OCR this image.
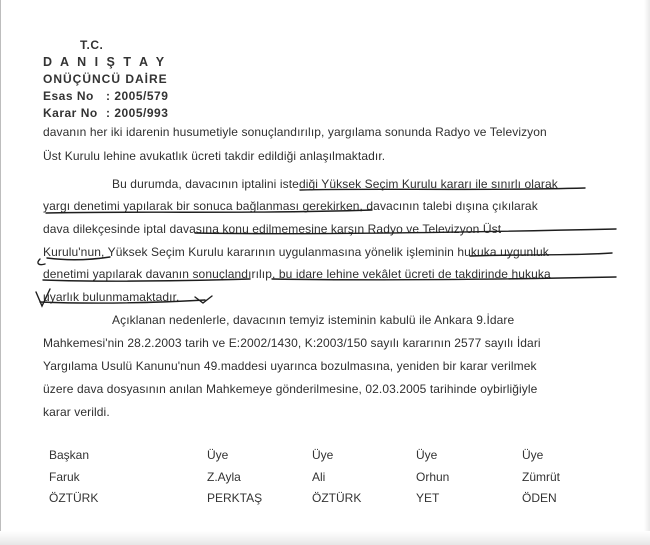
T.C.
D A N I Ş T A Y
ONÜÇÜNCÜ DAİRE
Esas No : 2005/579
Karar No : 2005/993
davanın her iki idarenin husumetiyle sonuçlandırılıp, yargılama sonunda Radyo ve Televizyon
Üst Kurulu lehine avukatlık ücreti takdir edildiği anlaşılmaktadır.
Bu durumda, davacının iptalini istediği Yüksek Seçim Kurulu kararı ile sınırlı olarak
yargı denetimi yapılarak bir sonuca bağlanması gerekirken, davacının talebi dışına çıkılarak
dava dilekçesinde iptal davasına konu edilmemesine karşın Radyo ve Televizyon Üst
Kurulu'nun, Yüksek Seçim Kurulu kararının uygulanmasına yönelik işleminin hukuka uygunluk
denetimi yapılarak davanın sonuçlandırılıp, bu idare lehine vekâlet ücreti de takdirinde hukuka
uyarlık bulunmamaktadır.
Açıklanan nedenlerle, davacının temyiz isteminin kabulü ile Ankara 9.İdare
Mahkemesi'nin 28.2.2003 tarih ve E:2002/1430, K:2003/150 sayılı kararının 2577 sayılı İdari
Yargılama Usulü Kanunu'nun 49.maddesi uyarınca bozulmasına, yeniden bir karar verilmek
üzere dava dosyasının anılan Mahkemeye gönderilmesine, 02.03.2005 tarihinde oybirliğiyle
karar verildi.
Başkan
Faruk
ÖZTÜRK
Üye
Z.Ayla
PERKTAŞ
Üye
Ali
ÖZTÜRK
Üye
Orhun
YET
Üye
Zümrüt
ÖDEN
